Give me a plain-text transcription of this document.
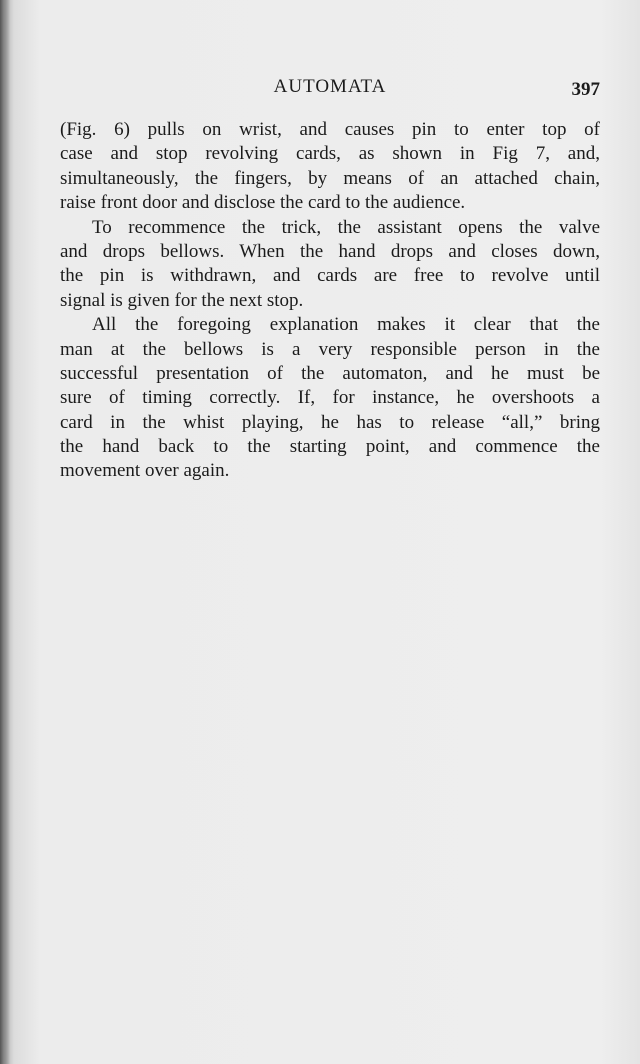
AUTOMATA	397
(Fig. 6) pulls on wrist, and causes pin to enter top of
case and stop revolving cards, as shown in Fig 7, and,
simultaneously, the fingers, by means of an attached chain,
raise front door and disclose the card to the audience.
To recommence the trick, the assistant opens the valve
and drops bellows. When the hand drops and closes down,
the pin is withdrawn, and cards are free to revolve until
signal is given for the next stop.
All the foregoing explanation makes it clear that the
man at the bellows is a very responsible person in the
successful presentation of the automaton, and he must be
sure of timing correctly. If, for instance, he overshoots a
card in the whist playing, he has to release “all,” bring
the hand back to the starting point, and commence the
movement over again.
